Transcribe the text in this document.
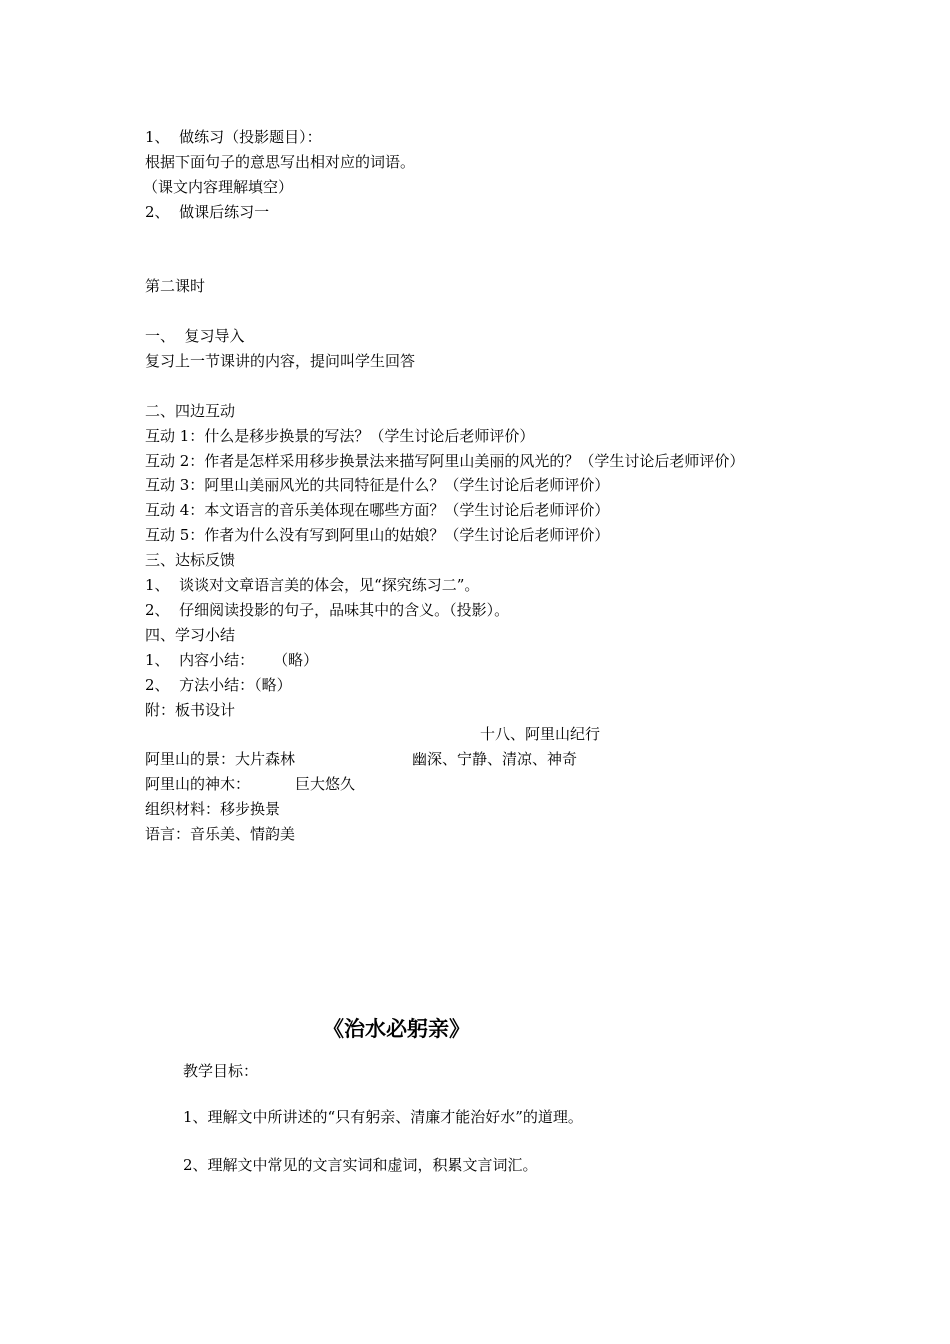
1、  做练习（投影题目）：
根据下面句子的意思写出相对应的词语。
（课文内容理解填空）
2、  做课后练习一
第二课时
一、  复习导入
复习上一节课讲的内容，提问叫学生回答
二、四边互动
互动 1：什么是移步换景的写法？（学生讨论后老师评价）
互动 2：作者是怎样采用移步换景法来描写阿里山美丽的风光的？（学生讨论后老师评价）
互动 3：阿里山美丽风光的共同特征是什么？（学生讨论后老师评价）
互动 4：本文语言的音乐美体现在哪些方面？（学生讨论后老师评价）
互动 5：作者为什么没有写到阿里山的姑娘？（学生讨论后老师评价）
三、达标反馈
1、  谈谈对文章语言美的体会，见“探究练习二”。
2、  仔细阅读投影的句子，品味其中的含义。（投影）。
四、学习小结
1、  内容小结：    （略）
2、  方法小结：（略）
附：板书设计
十八、阿里山纪行
阿里山的景：大片森林	幽深、宁静、清凉、神奇
阿里山的神木：	巨大悠久
组织材料：移步换景
语言：音乐美、情韵美
《治水必躬亲》
教学目标：
1、理解文中所讲述的“只有躬亲、清廉才能治好水”的道理。
2、理解文中常见的文言实词和虚词，积累文言词汇。
